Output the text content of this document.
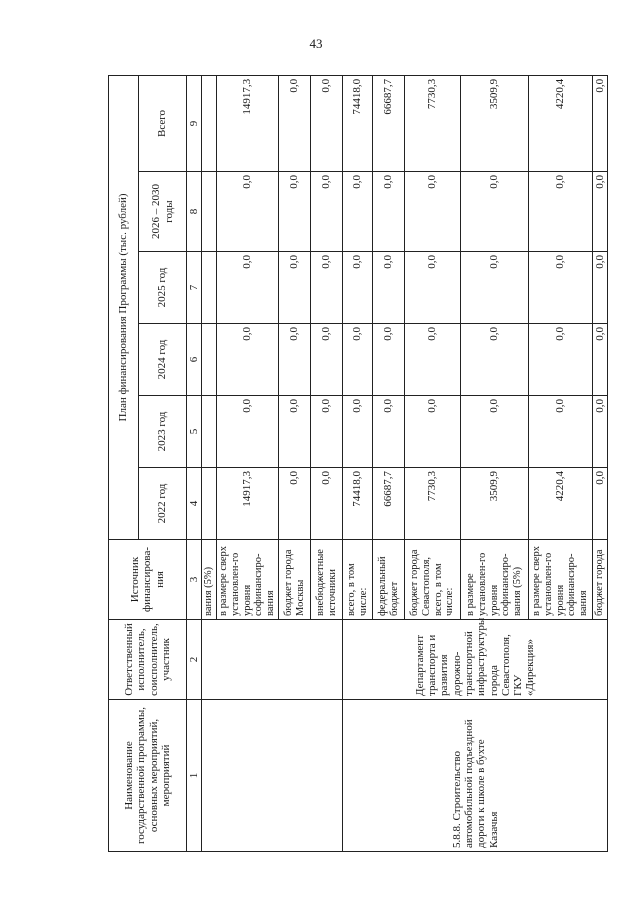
43
Наименование государственной программы, основных мероприятий, мероприятий	Ответственный исполнитель, соисполнитель, участник	Источник финансирова-ния	План финансирования Программы (тыс. рублей)					
			2022 год	2023 год	2024 год	2025 год	2026 – 2030 годы	Всего
1	2	3	4	5	6	7	8	9
		вания (5%)						
		в размере сверх установлен-го уровня софинансиро-вания	14917,3	0,0	0,0	0,0	0,0	14917,3
		бюджет города Москвы	0,0	0,0	0,0	0,0	0,0	0,0
		внебюджетные источники	0,0	0,0	0,0	0,0	0,0	0,0
5.8.8. Строительство автомобильной подъездной дороги к школе в бухте Казачья	Департамент транспорта и развития дорожно-транспортной инфраструктуры города Севастополя, ГКУ «Дирекция»	всего, в том числе:	74418,0	0,0	0,0	0,0	0,0	74418,0
		федеральный бюджет	66687,7	0,0	0,0	0,0	0,0	66687,7
		бюджет города Севастополя, всего, в том числе:	7730,3	0,0	0,0	0,0	0,0	7730,3
		в размере установлен-го уровня софинансиро-вания (5%)	3509,9	0,0	0,0	0,0	0,0	3509,9
		в размере сверх установлен-го уровня софинансиро-вания	4220,4	0,0	0,0	0,0	0,0	4220,4
		бюджет города	0,0	0,0	0,0	0,0	0,0	0,0
